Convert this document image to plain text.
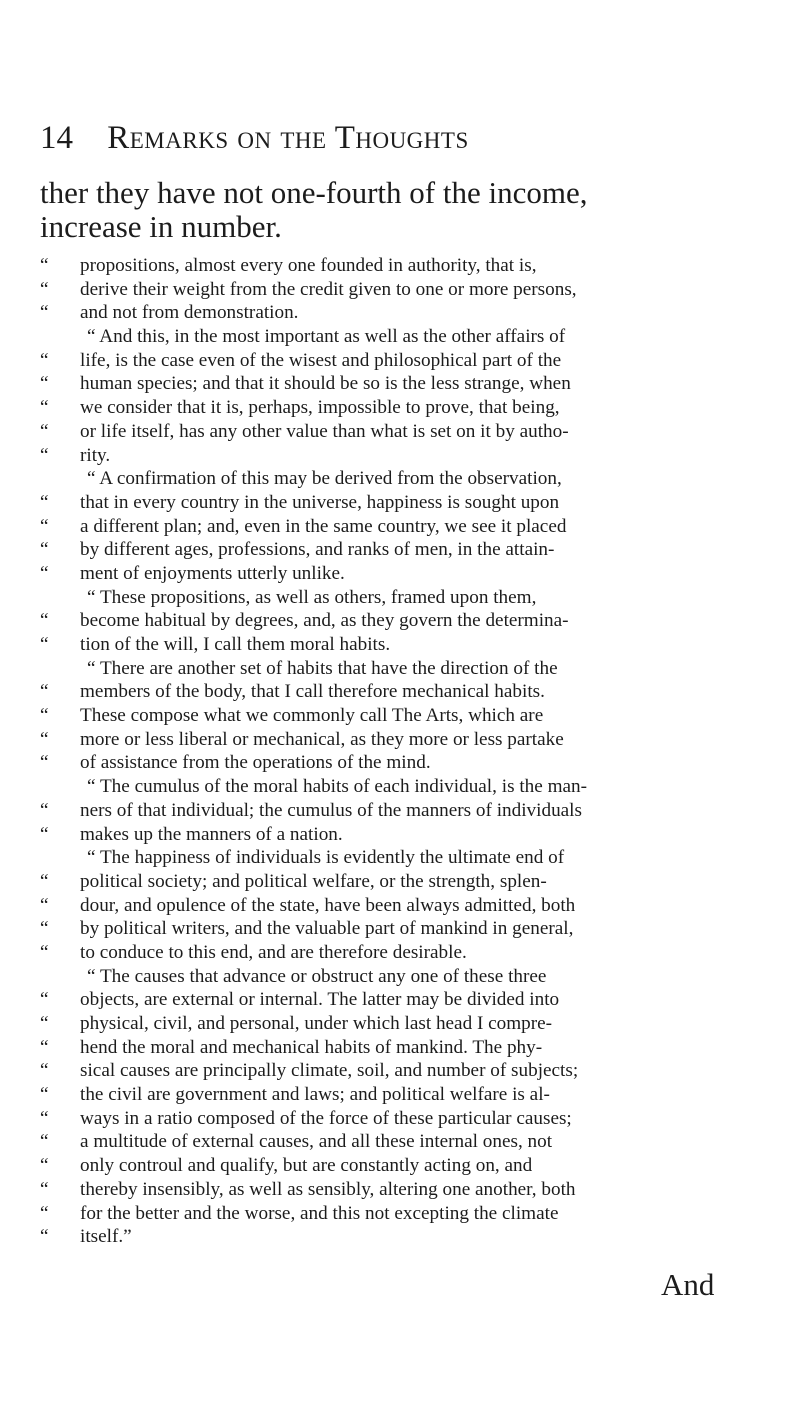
14 Remarks on the Thoughts
ther they have not one-fourth of the income,
increase in number.
“	propositions, almost every one founded in authority, that is,
“	derive their weight from the credit given to one or more persons,
“	and not from demonstration.
“ And this, in the most important as well as the other affairs of
“	life, is the case even of the wisest and philosophical part of the
“	human species; and that it should be so is the less strange, when
“	we consider that it is, perhaps, impossible to prove, that being,
“	or life itself, has any other value than what is set on it by autho-
“	rity.
“ A confirmation of this may be derived from the observation,
“	that in every country in the universe, happiness is sought upon
“	a different plan; and, even in the same country, we see it placed
“	by different ages, professions, and ranks of men, in the attain-
“	ment of enjoyments utterly unlike.
“ These propositions, as well as others, framed upon them,
“	become habitual by degrees, and, as they govern the determina-
“	tion of the will, I call them moral habits.
“ There are another set of habits that have the direction of the
“	members of the body, that I call therefore mechanical habits.
“	These compose what we commonly call The Arts, which are
“	more or less liberal or mechanical, as they more or less partake
“	of assistance from the operations of the mind.
“ The cumulus of the moral habits of each individual, is the man-
“	ners of that individual; the cumulus of the manners of individuals
“	makes up the manners of a nation.
“ The happiness of individuals is evidently the ultimate end of
“	political society; and political welfare, or the strength, splen-
“	dour, and opulence of the state, have been always admitted, both
“	by political writers, and the valuable part of mankind in general,
“	to conduce to this end, and are therefore desirable.
“ The causes that advance or obstruct any one of these three
“	objects, are external or internal. The latter may be divided into
“	physical, civil, and personal, under which last head I compre-
“	hend the moral and mechanical habits of mankind. The phy-
“	sical causes are principally climate, soil, and number of subjects;
“	the civil are government and laws; and political welfare is al-
“	ways in a ratio composed of the force of these particular causes;
“	a multitude of external causes, and all these internal ones, not
“	only controul and qualify, but are constantly acting on, and
“	thereby insensibly, as well as sensibly, altering one another, both
“	for the better and the worse, and this not excepting the climate
“	itself.”
And
